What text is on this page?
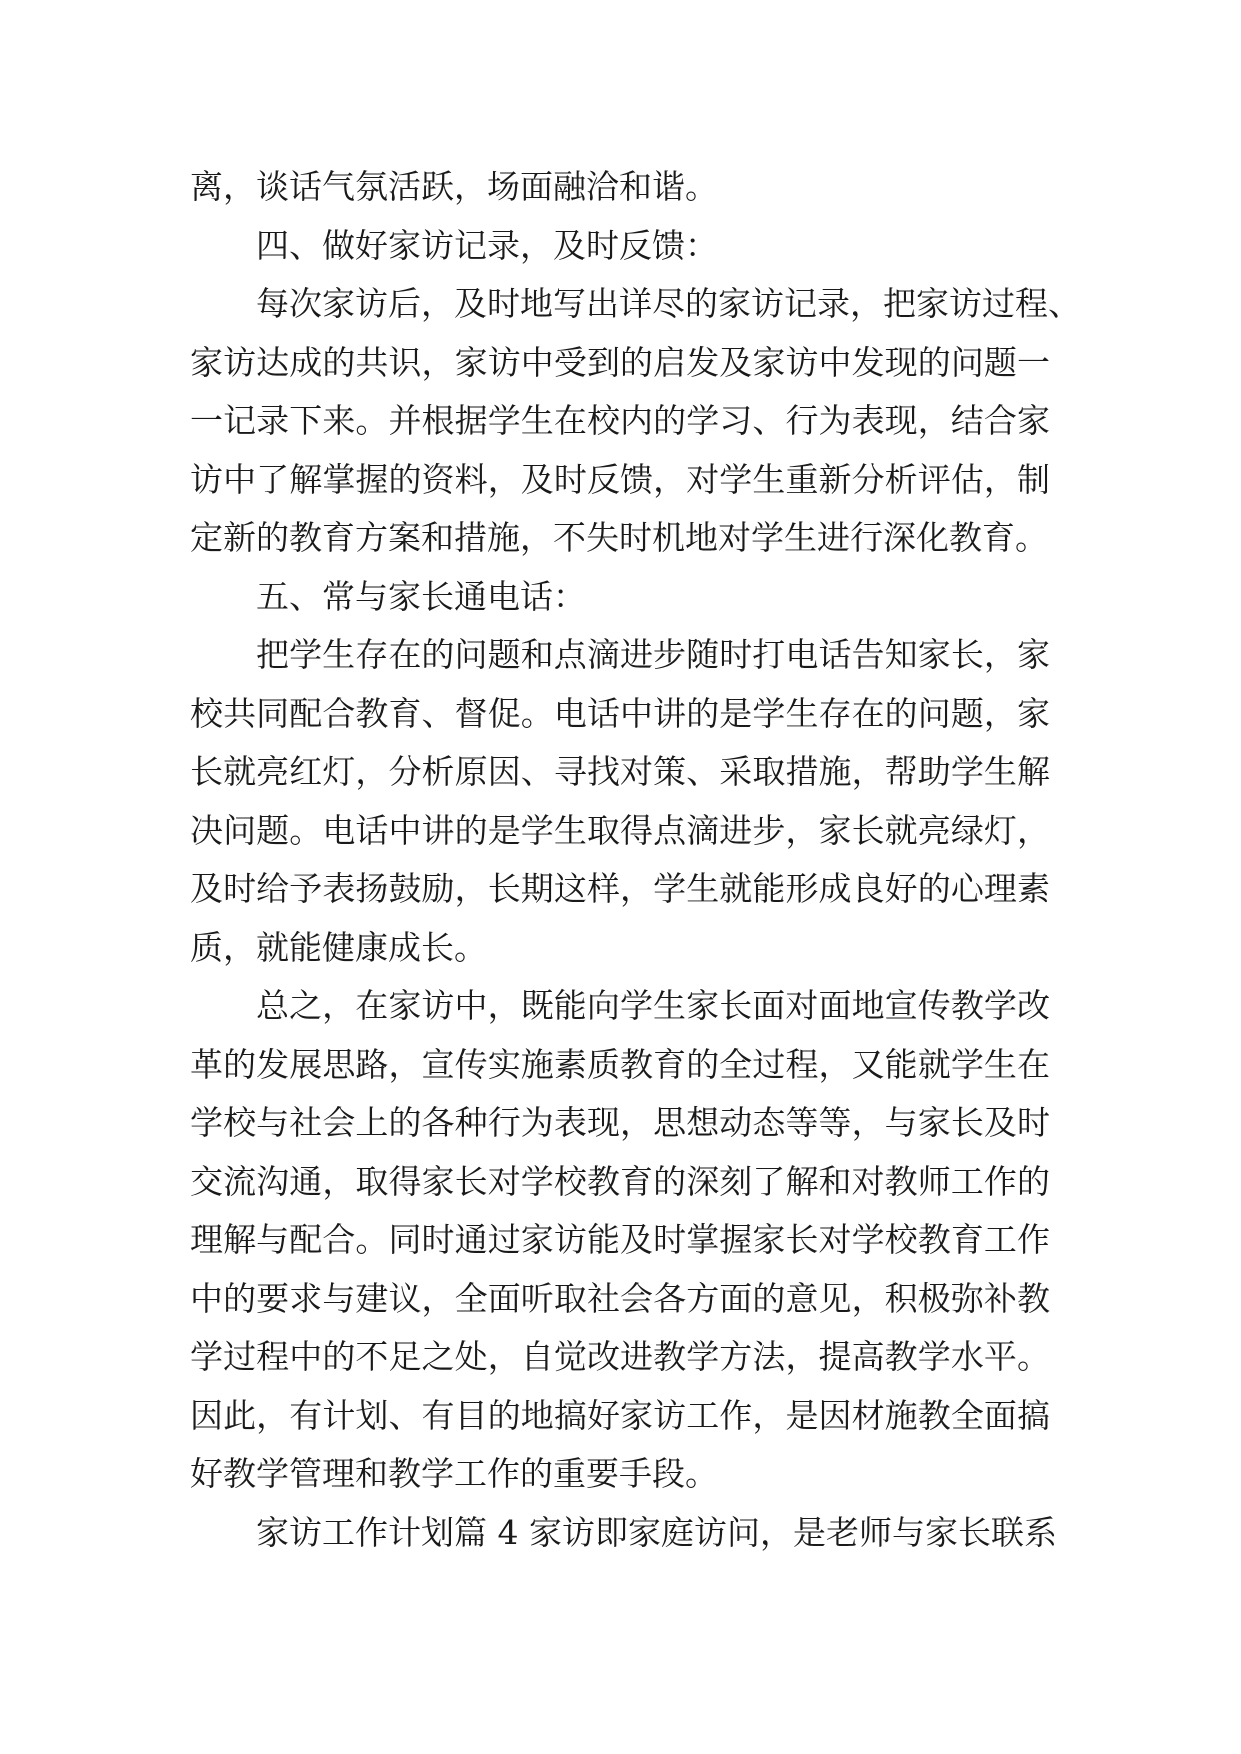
离，谈话气氛活跃，场面融洽和谐。
四、做好家访记录，及时反馈：
每次家访后，及时地写出详尽的家访记录，把家访过程、
家访达成的共识，家访中受到的启发及家访中发现的问题一
一记录下来。并根据学生在校内的学习、行为表现，结合家
访中了解掌握的资料，及时反馈，对学生重新分析评估，制
定新的教育方案和措施，不失时机地对学生进行深化教育。
五、常与家长通电话：
把学生存在的问题和点滴进步随时打电话告知家长，家
校共同配合教育、督促。电话中讲的是学生存在的问题，家
长就亮红灯，分析原因、寻找对策、采取措施，帮助学生解
决问题。电话中讲的是学生取得点滴进步，家长就亮绿灯，
及时给予表扬鼓励，长期这样，学生就能形成良好的心理素
质，就能健康成长。
总之，在家访中，既能向学生家长面对面地宣传教学改
革的发展思路，宣传实施素质教育的全过程，又能就学生在
学校与社会上的各种行为表现，思想动态等等，与家长及时
交流沟通，取得家长对学校教育的深刻了解和对教师工作的
理解与配合。同时通过家访能及时掌握家长对学校教育工作
中的要求与建议，全面听取社会各方面的意见，积极弥补教
学过程中的不足之处，自觉改进教学方法，提高教学水平。
因此，有计划、有目的地搞好家访工作，是因材施教全面搞
好教学管理和教学工作的重要手段。
家访工作计划篇 4 家访即家庭访问，是老师与家长联系
